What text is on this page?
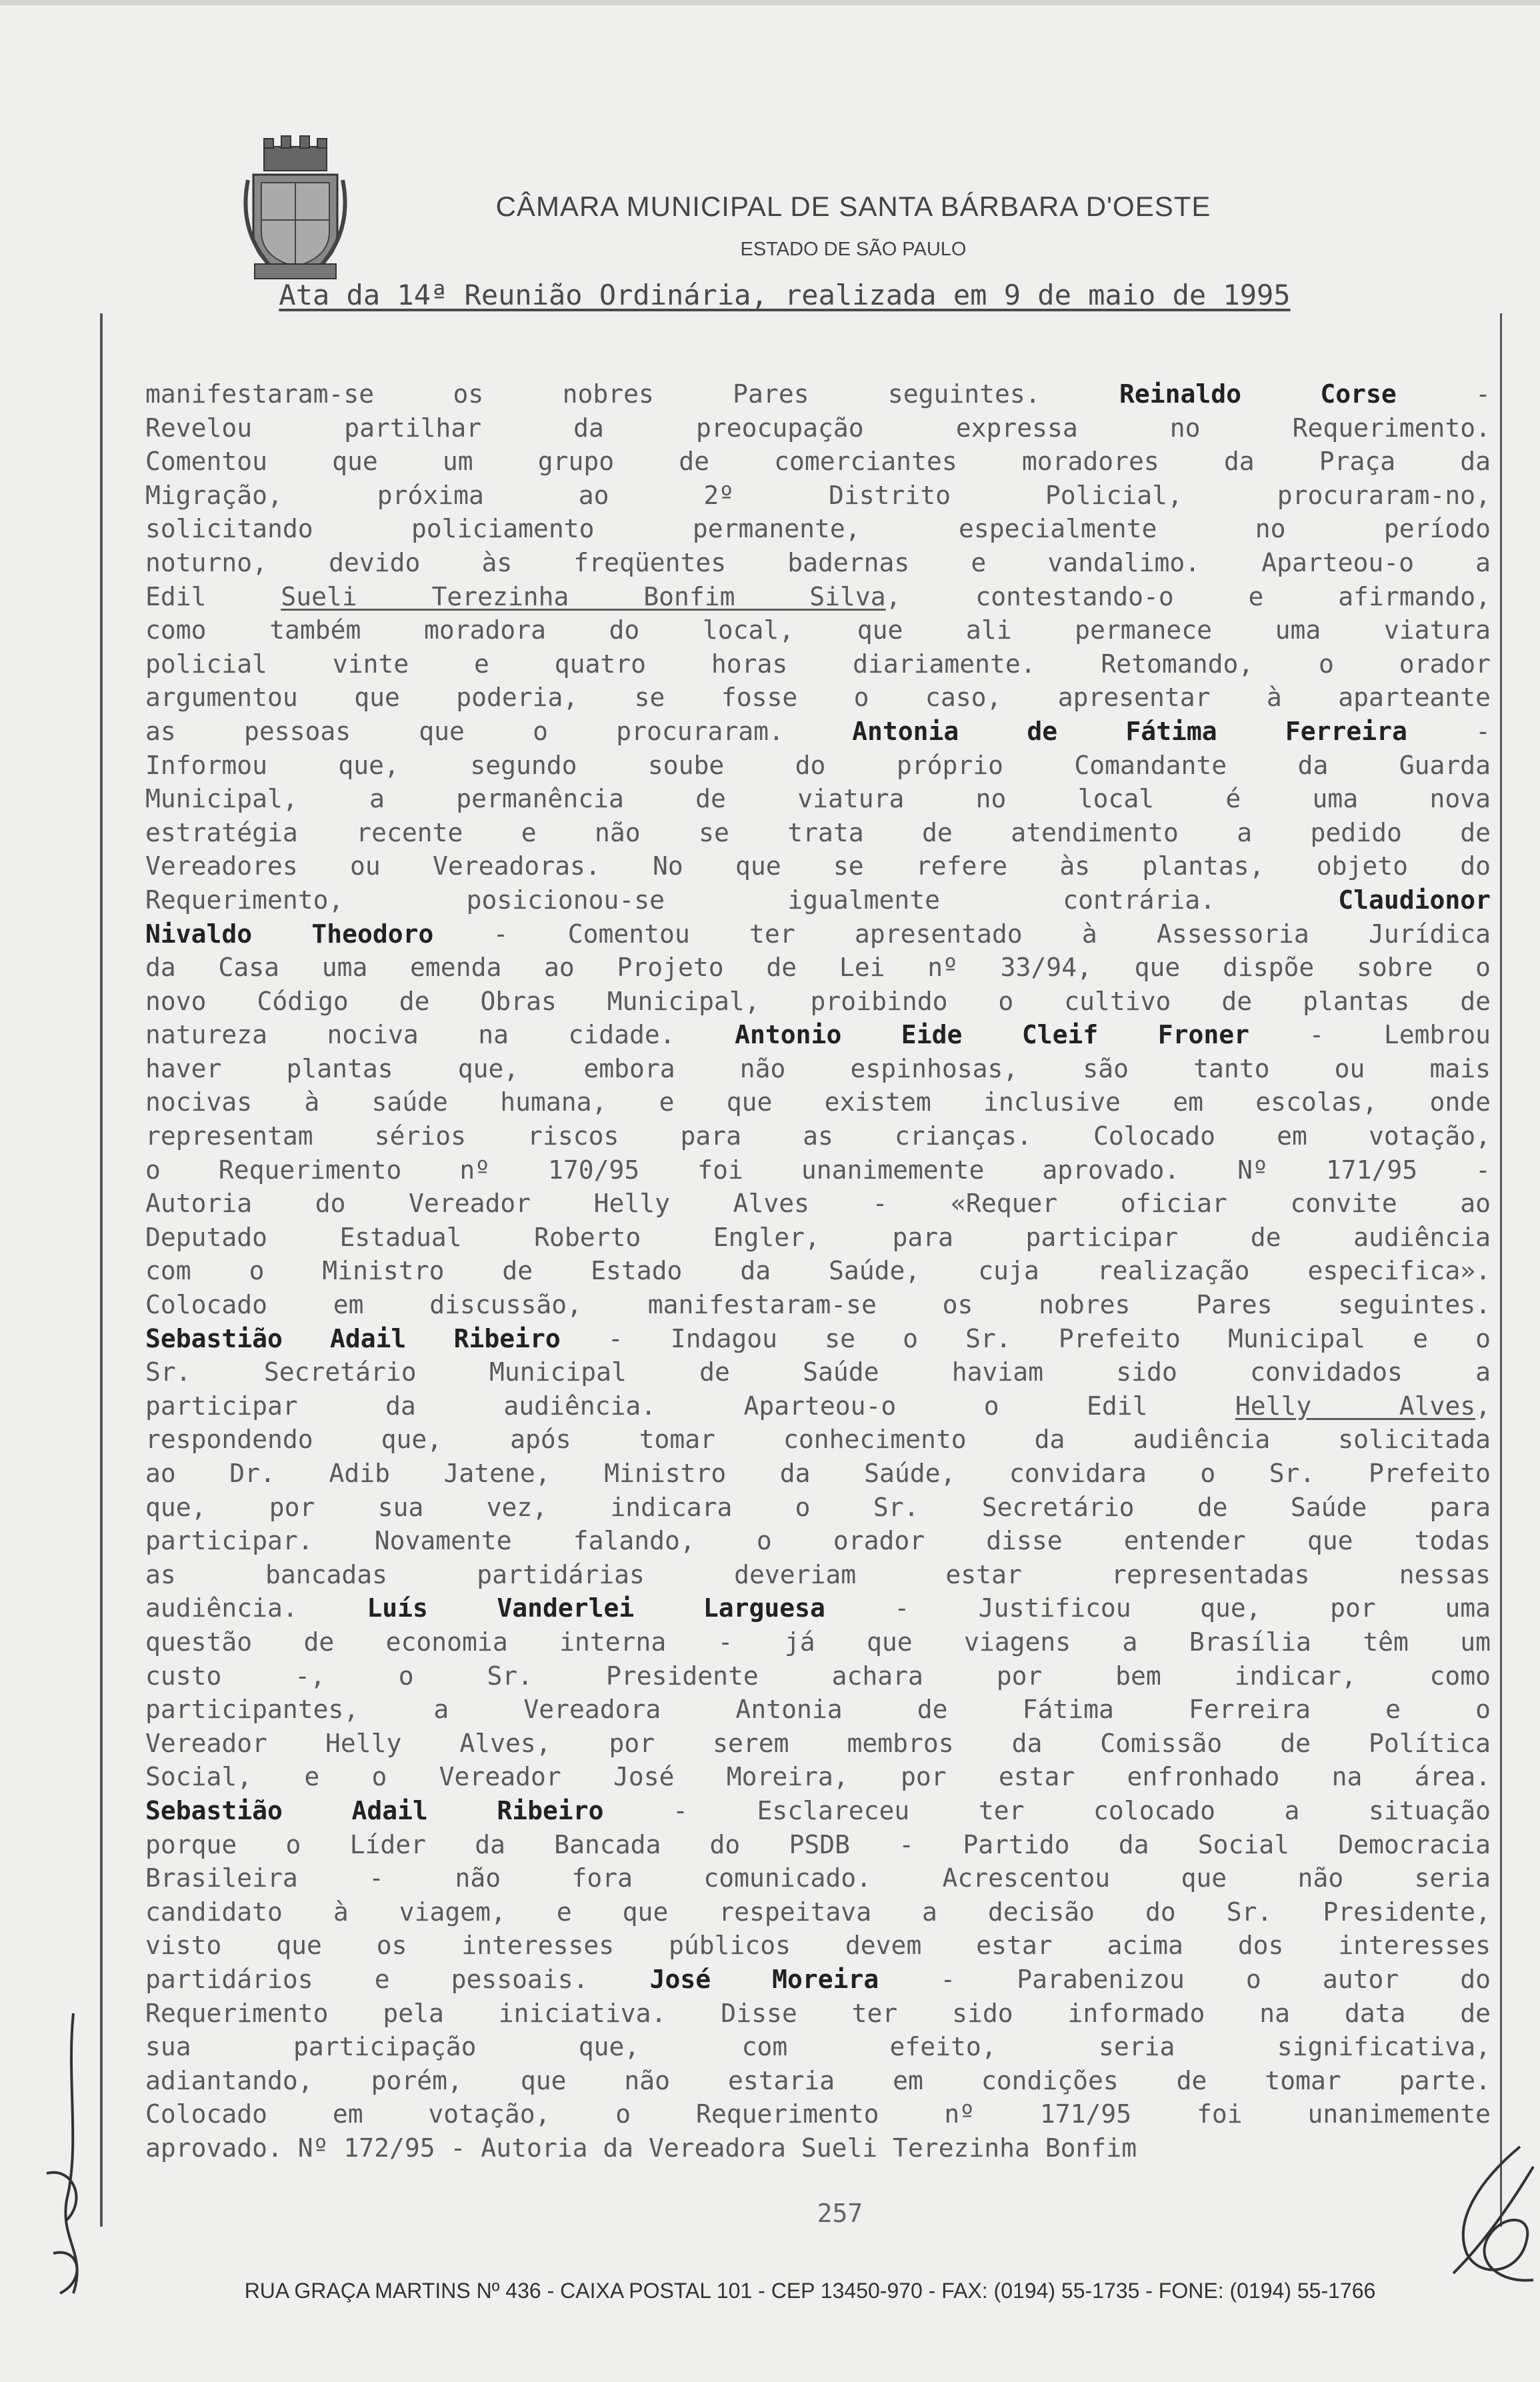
CÂMARA MUNICIPAL DE SANTA BÁRBARA D'OESTE
ESTADO DE SÃO PAULO
Ata da 14ª Reunião Ordinária, realizada em 9 de maio de 1995
manifestaram-se os nobres Pares seguintes.	Reinaldo Corse	-
Revelou partilhar da preocupação expressa no Requerimento.
Comentou que um grupo de comerciantes moradores da Praça da
Migração, próxima ao 2º Distrito Policial, procuraram-no,
solicitando policiamento permanente, especialmente no período
noturno, devido às freqüentes badernas e vandalimo. Aparteou-o a
Edil	Sueli Terezinha Bonfim Silva, contestando-o e afirmando,
como também moradora do local, que ali permanece uma viatura
policial vinte e quatro horas diariamente. Retomando, o orador
argumentou que poderia, se fosse o caso, apresentar à aparteante
as pessoas que o procuraram.	Antonia de Fátima Ferreira	-
Informou que, segundo soube do próprio Comandante da Guarda
Municipal, a permanência de viatura no local é uma nova
estratégia recente e não se trata de atendimento a pedido de
Vereadores ou Vereadoras. No que se refere às plantas, objeto do
Requerimento, posicionou-se igualmente contrária.	Claudionor
Nivaldo Theodoro - Comentou ter apresentado à Assessoria Jurídica
da Casa uma emenda ao Projeto de Lei nº 33/94, que dispõe sobre o
novo Código de Obras Municipal, proibindo o cultivo de plantas de
natureza nociva na cidade. Antonio Eide Cleif Froner - Lembrou
haver plantas que, embora não espinhosas, são tanto ou mais
nocivas à saúde humana, e que existem inclusive em escolas, onde
representam sérios riscos para as crianças. Colocado em votação,
o Requerimento nº 170/95 foi unanimemente aprovado. Nº 171/95 -
Autoria do Vereador Helly Alves - «Requer oficiar convite ao
Deputado Estadual Roberto Engler, para participar de audiência
com o Ministro de Estado da Saúde, cuja realização especifica».
Colocado em discussão, manifestaram-se os nobres Pares seguintes.
Sebastião Adail Ribeiro - Indagou se o Sr. Prefeito Municipal e o
Sr. Secretário Municipal de Saúde haviam sido convidados a
participar da audiência. Aparteou-o o Edil	Helly Alves,
respondendo que, após tomar conhecimento da audiência solicitada
ao Dr. Adib Jatene, Ministro da Saúde, convidara o Sr. Prefeito
que, por sua vez, indicara o Sr. Secretário de Saúde para
participar. Novamente falando, o orador disse entender que todas
as bancadas partidárias deveriam estar representadas nessas
audiência.	Luís Vanderlei Larguesa	- Justificou que, por uma
questão de economia interna - já que viagens a Brasília têm um
custo -, o Sr. Presidente achara por bem indicar, como
participantes, a Vereadora Antonia de Fátima Ferreira e o
Vereador Helly Alves, por serem membros da Comissão de Política
Social, e o Vereador José Moreira, por estar enfronhado na área.
Sebastião Adail Ribeiro	- Esclareceu ter colocado a situação
porque o Líder da Bancada do PSDB - Partido da Social Democracia
Brasileira - não fora comunicado. Acrescentou que não seria
candidato à viagem, e que respeitava a decisão do Sr. Presidente,
visto que os interesses públicos devem estar acima dos interesses
partidários e pessoais. José Moreira - Parabenizou o autor do
Requerimento pela iniciativa. Disse ter sido informado na data de
sua participação que, com efeito, seria significativa,
adiantando, porém, que não estaria em condições de tomar parte.
Colocado em votação, o Requerimento nº 171/95 foi unanimemente
aprovado. Nº 172/95 - Autoria da Vereadora Sueli Terezinha Bonfim
257
RUA GRAÇA MARTINS Nº 436 - CAIXA POSTAL 101 - CEP 13450-970 - FAX: (0194) 55-1735 - FONE: (0194) 55-1766
